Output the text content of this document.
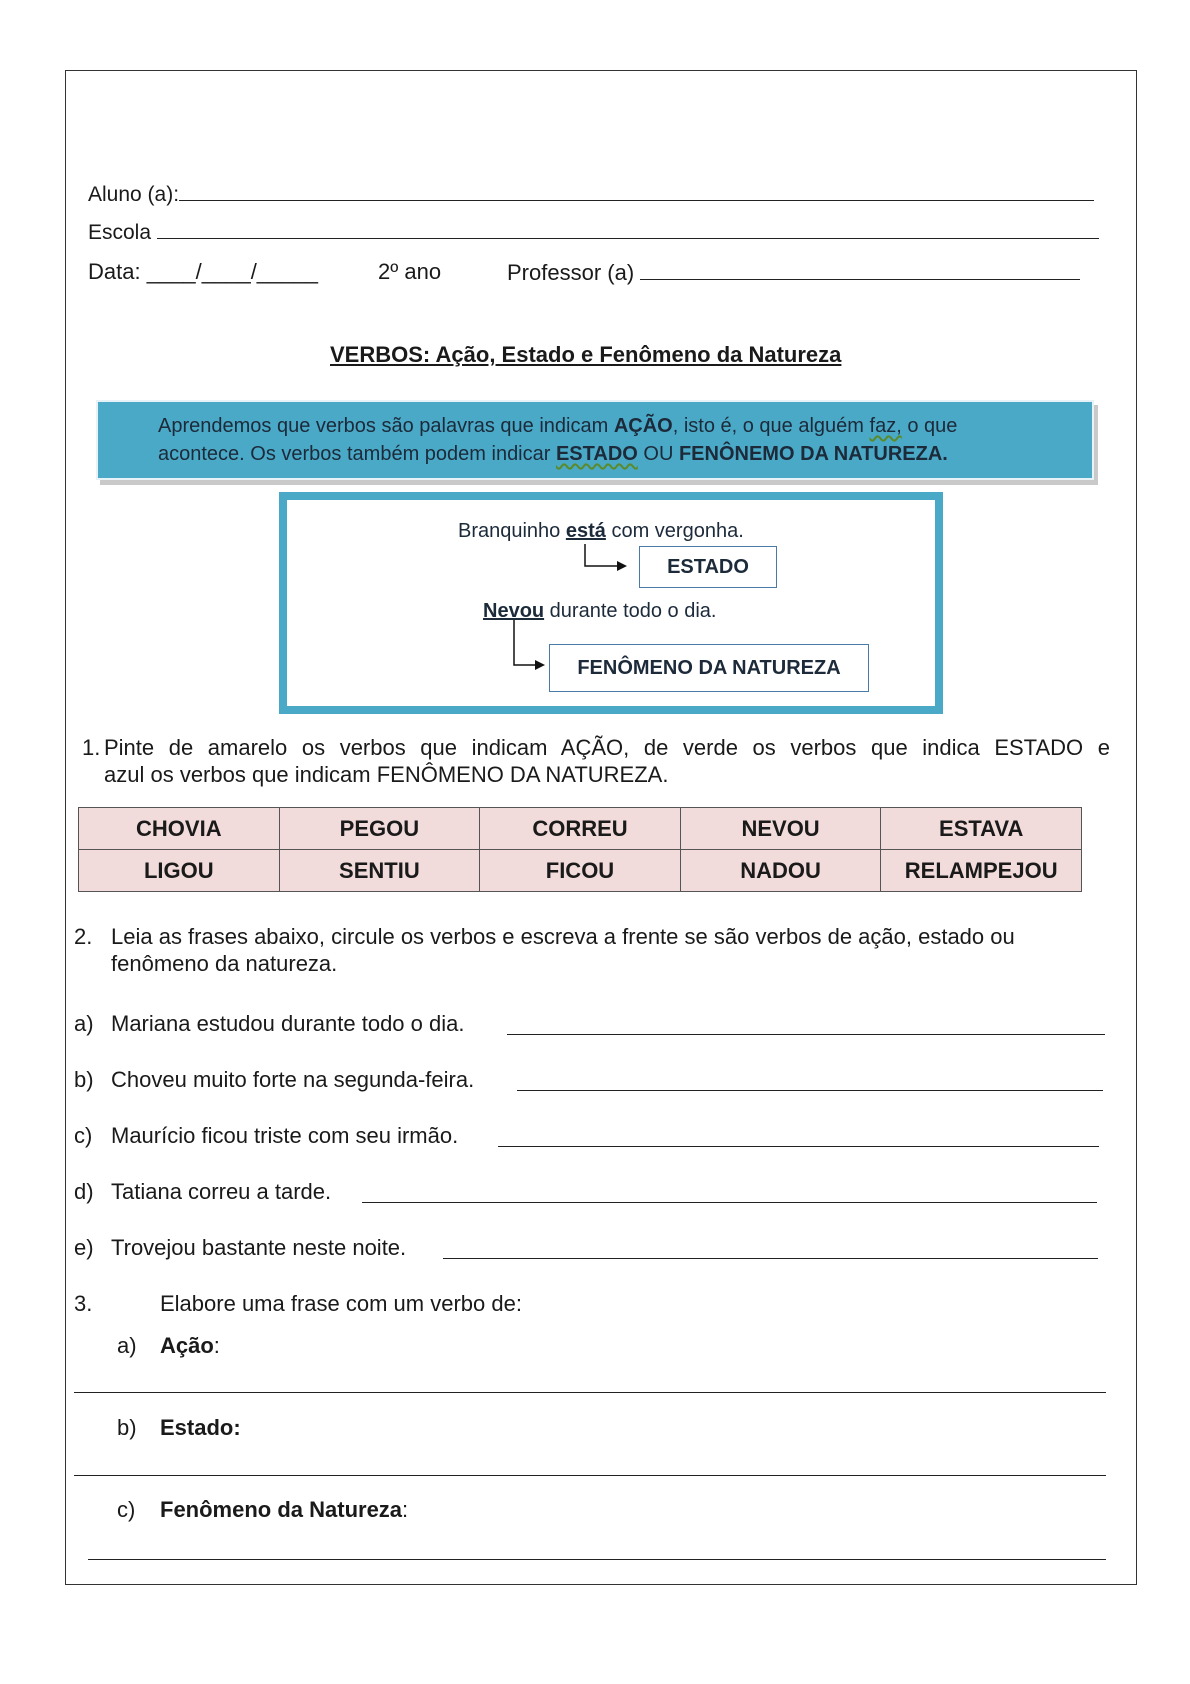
Aluno (a):
Escola
Data: ____/____/_____	2º ano	Professor (a)
VERBOS: Ação, Estado e Fenômeno da Natureza
Aprendemos que verbos são palavras que indicam AÇÃO, isto é, o que alguém faz, o que
acontece. Os verbos também podem indicar ESTADO OU FENÔNEMO DA NATUREZA.
Branquinho está com vergonha.
ESTADO
Nevou durante todo o dia.
FENÔMENO DA NATUREZA
1. Pinte de amarelo os verbos que indicam AÇÃO, de verde os verbos que indica ESTADO e
azul os verbos que indicam FENÔMENO DA NATUREZA.
CHOVIA	PEGOU	CORREU	NEVOU	ESTAVA
LIGOU	SENTIU	FICOU	NADOU	RELAMPEJOU
2. Leia as frases abaixo, circule os verbos e escreva a frente se são verbos de ação, estado ou
fenômeno da natureza.
a) Mariana estudou durante todo o dia.
b) Choveu muito forte na segunda-feira.
c) Maurício ficou triste com seu irmão.
d) Tatiana correu a tarde.
e) Trovejou bastante neste noite.
3.	Elabore uma frase com um verbo de:
a) Ação:
b) Estado:
c) Fenômeno da Natureza:
